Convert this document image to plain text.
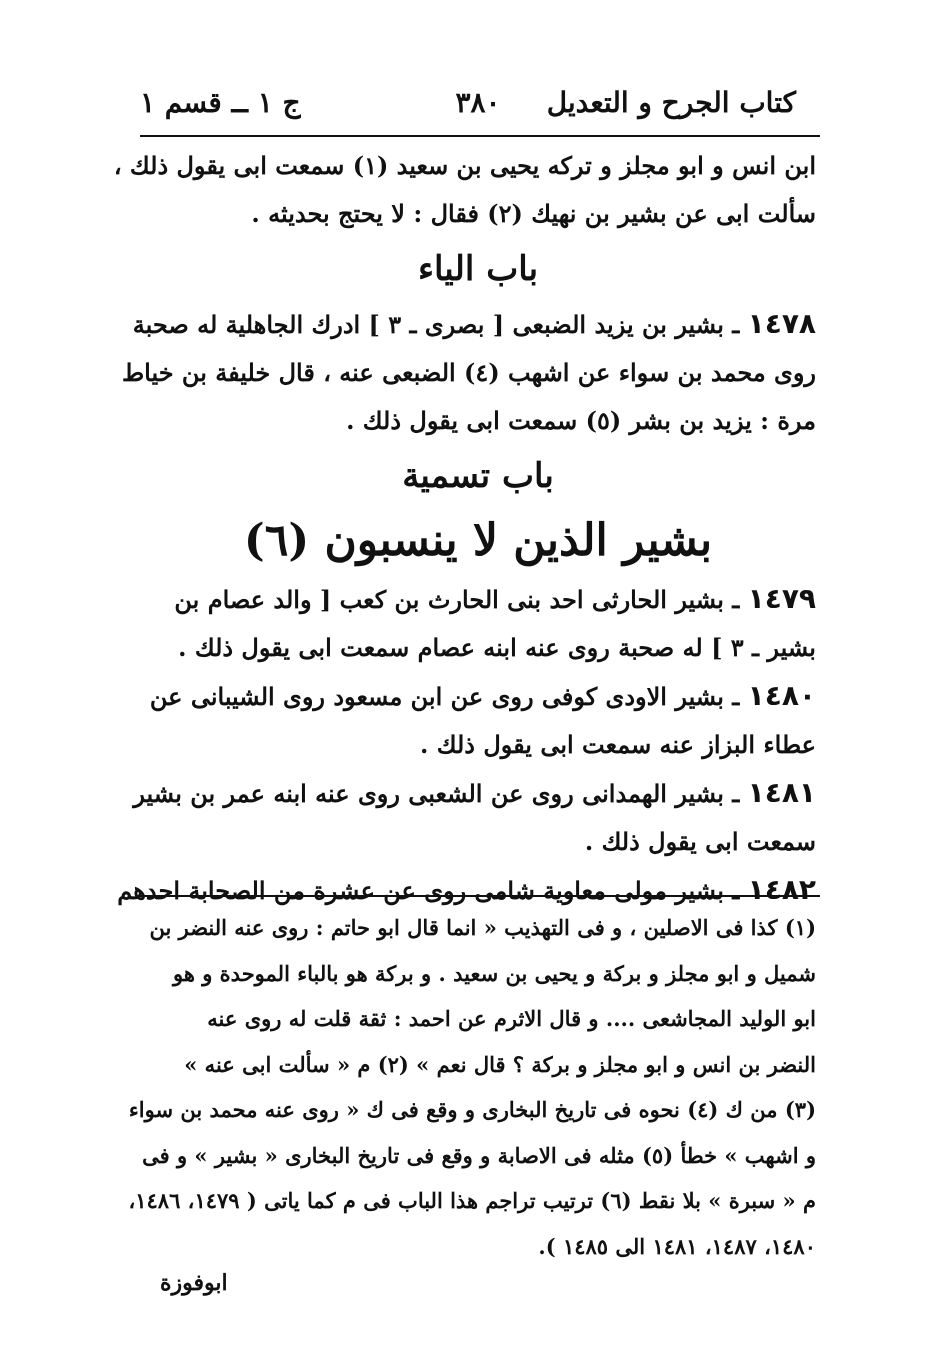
كتاب الجرح و التعديل
٣٨٠
ج ١ ــ قسم ١
ابن انس و ابو مجلز و تركه يحيى بن سعيد (١) سمعت ابى يقول ذلك ،
سألت ابى عن بشير بن نهيك (٢) فقال : لا يحتج بحديثه .
باب الياء
١٤٧٨ ـ بشير بن يزيد الضبعى [ بصرى ـ ٣ ] ادرك الجاهلية له صحبة
روى محمد بن سواء عن اشهب (٤) الضبعى عنه ، قال خليفة بن خياط
مرة : يزيد بن بشر (٥) سمعت ابى يقول ذلك .
باب تسمية
بشير الذين لا ينسبون (٦)
١٤٧٩ ـ بشير الحارثى احد بنى الحارث بن كعب [ والد عصام بن
بشير ـ ٣ ] له صحبة روى عنه ابنه عصام سمعت ابى يقول ذلك .
١٤٨٠ ـ بشير الاودى كوفى روى عن ابن مسعود روى الشيبانى عن
عطاء البزاز عنه سمعت ابى يقول ذلك .
١٤٨١ ـ بشير الهمدانى روى عن الشعبى روى عنه ابنه عمر بن بشير
سمعت ابى يقول ذلك .
١٤٨٢ ـ بشير مولى معاوية شامى روى عن عشرة من الصحابة احدهم
(١) كذا فى الاصلين ، و فى التهذيب « انما قال ابو حاتم : روى عنه النضر بن
شميل و ابو مجلز و بركة و يحيى بن سعيد . و بركة هو بالباء الموحدة و هو
ابو الوليد المجاشعى .... و قال الاثرم عن احمد : ثقة قلت له روى عنه
النضر بن انس و ابو مجلز و بركة ؟ قال نعم » (٢) م « سألت ابى عنه »
(٣) من ك (٤) نحوه فى تاريخ البخارى و وقع فى ك « روى عنه محمد بن سواء
و اشهب » خطأ (٥) مثله فى الاصابة و وقع فى تاريخ البخارى « بشير » و فى
م « سبرة » بلا نقط (٦) ترتيب تراجم هذا الباب فى م كما ياتى ( ١٤٧٩، ١٤٨٦،
١٤٨٠، ١٤٨٧، ١٤٨١ الى ١٤٨٥ ).
ابوفوزة
